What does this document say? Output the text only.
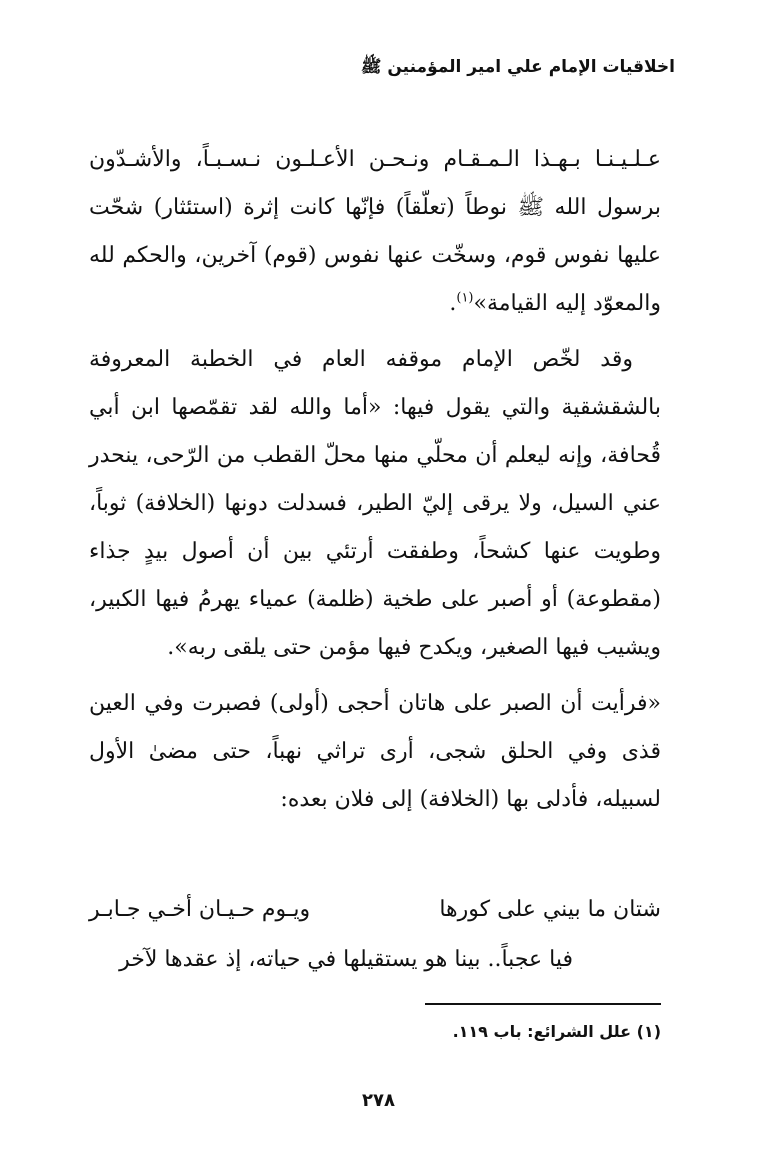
اخلاقيات الإمام علي امير المؤمنين ﷺ

عـلـيـنـا بـهـذا الـمـقـام ونـحـن الأعـلـون نـسـبـاً، والأشـدّون برسول الله ﷺ نوطاً (تعلّقاً) فإنّها كانت إثرة (استئثار) شحّت عليها نفوس قوم، وسخّت عنها نفوس (قوم) آخرين، والحكم لله والمعوّد إليه القيامة»$^{(١)}$.

وقد لخّص الإمام موقفه العام في الخطبة المعروفة بالشقشقية والتي يقول فيها: «أما والله لقد تقمّصها ابن أبي قُحافة، وإنه ليعلم أن محلّي منها محلّ القطب من الرّحى، ينحدر عني السيل، ولا يرقى إليّ الطير، فسدلت دونها (الخلافة) ثوباً، وطويت عنها كشحاً، وطفقت أرتئي بين أن أصول بيدٍ جذاء (مقطوعة) أو أصبر على طخية (ظلمة) عمياء يهرمُ فيها الكبير، ويشيب فيها الصغير، ويكدح فيها مؤمن حتى يلقى ربه».

«فرأيت أن الصبر على هاتان أحجى (أولى) فصبرت وفي العين قذى وفي الحلق شجى، أرى تراثي نهباً، حتى مضىٰ الأول لسبيله، فأدلى بها (الخلافة) إلى فلان بعده:

شتان ما بيني على كورها
ويـوم حـيـان أخـي جـابـر
فيا عجباً.. بينا هو يستقيلها في حياته، إذ عقدها لآخر
(١) علل الشرائع: باب ١١٩.
٢٧٨
